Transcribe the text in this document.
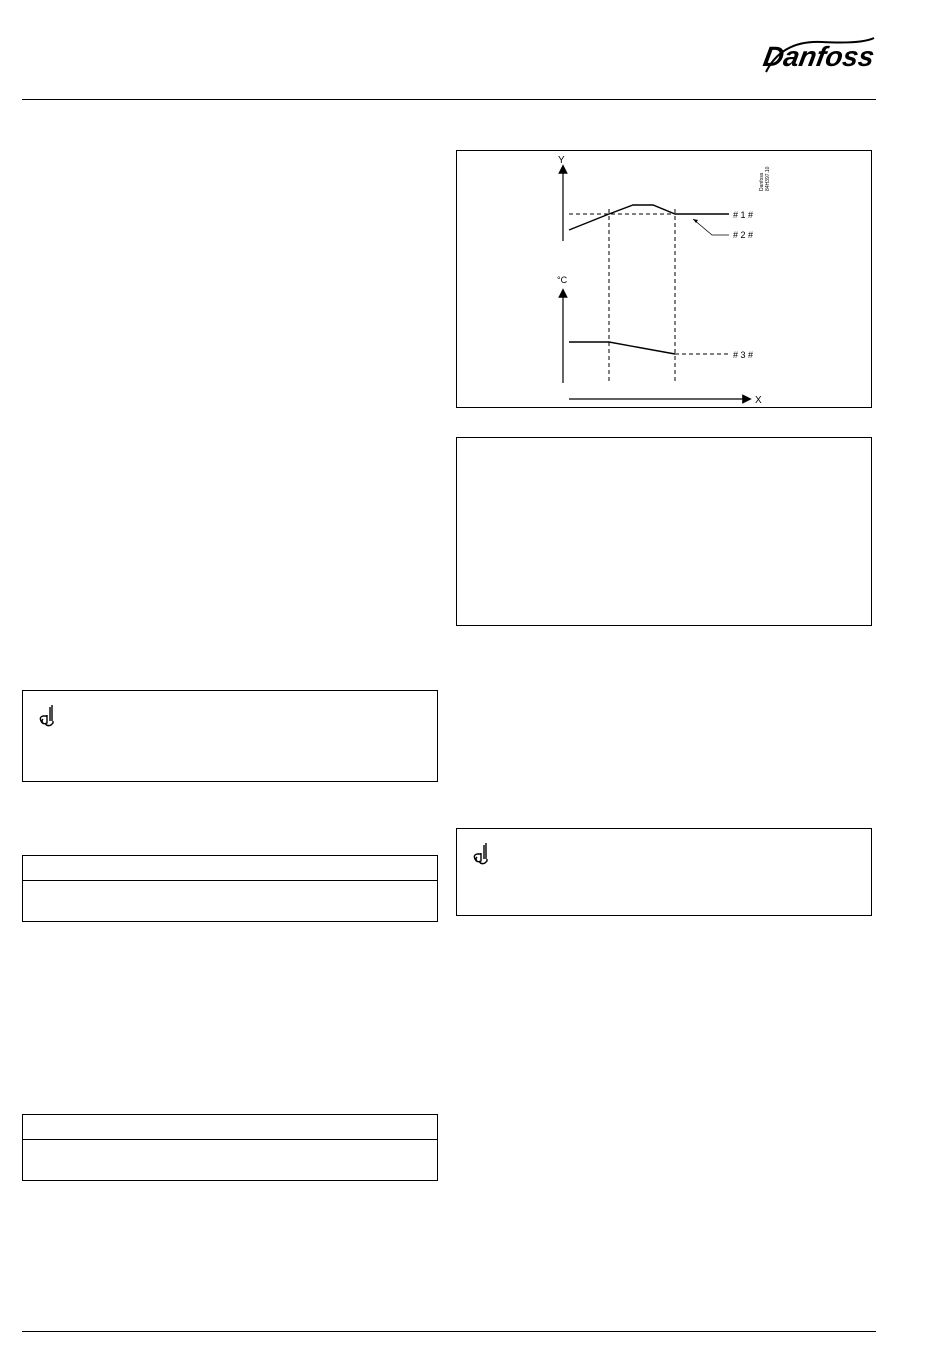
Danfoss
Y
°C
X
# 1 #
# 2 #
# 3 #
Danfoss 84H397.10
